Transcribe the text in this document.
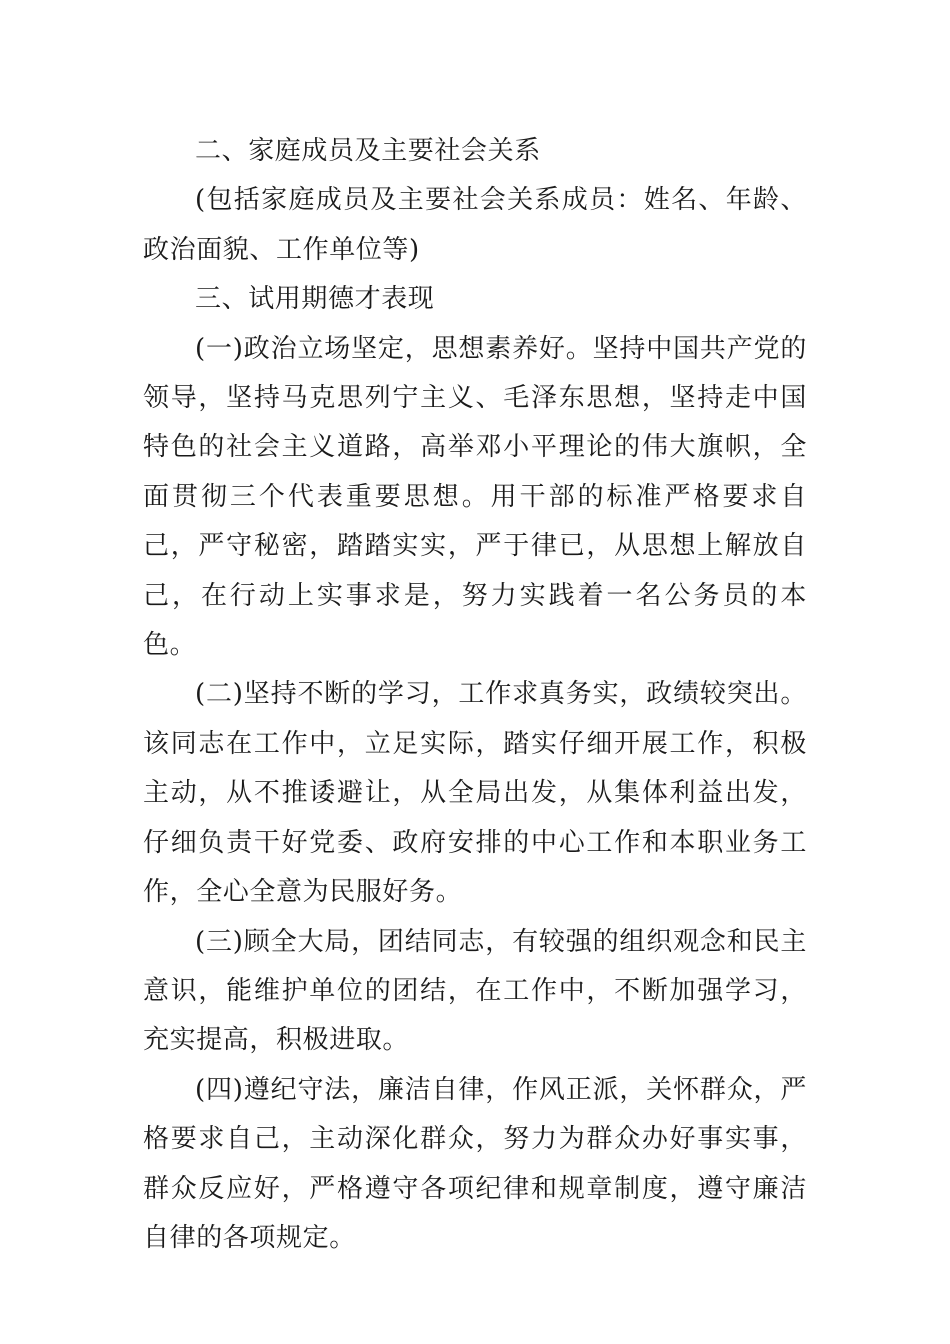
二、家庭成员及主要社会关系

(包括家庭成员及主要社会关系成员：姓名、年龄、政治面貌、工作单位等)

三、试用期德才表现

(一)政治立场坚定，思想素养好。坚持中国共产党的领导，坚持马克思列宁主义、毛泽东思想，坚持走中国特色的社会主义道路，高举邓小平理论的伟大旗帜，全面贯彻三个代表重要思想。用干部的标准严格要求自己，严守秘密，踏踏实实，严于律已，从思想上解放自己，在行动上实事求是，努力实践着一名公务员的本色。

(二)坚持不断的学习，工作求真务实，政绩较突出。该同志在工作中，立足实际，踏实仔细开展工作，积极主动，从不推诿避让，从全局出发，从集体利益出发，仔细负责干好党委、政府安排的中心工作和本职业务工作，全心全意为民服好务。

(三)顾全大局，团结同志，有较强的组织观念和民主意识，能维护单位的团结，在工作中，不断加强学习，充实提高，积极进取。

(四)遵纪守法，廉洁自律，作风正派，关怀群众，严格要求自己，主动深化群众，努力为群众办好事实事，群众反应好，严格遵守各项纪律和规章制度，遵守廉洁自律的各项规定。
